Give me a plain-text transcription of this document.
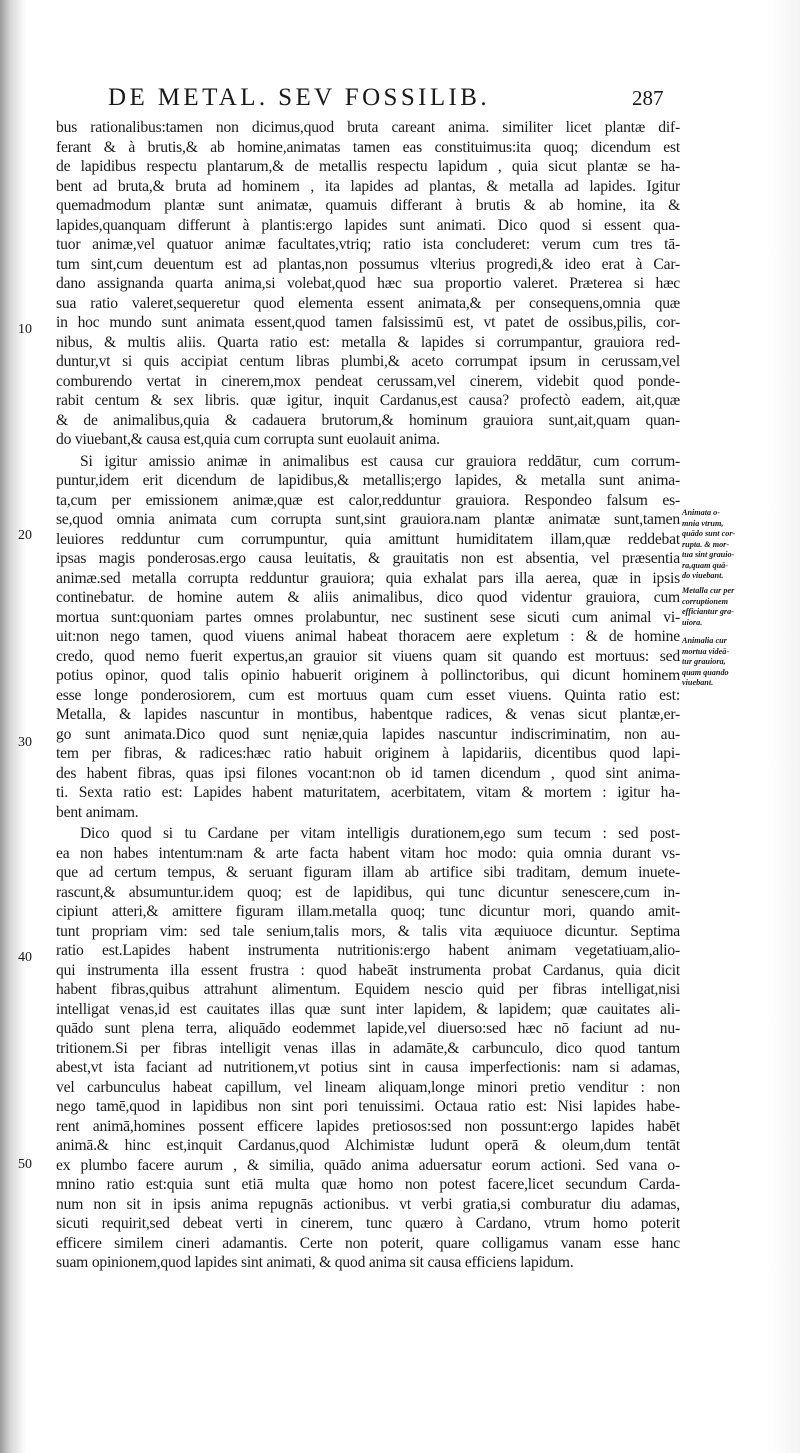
DE METAL. SEV FOSSILIB.	287
10
20
30
40
50
Animata o-
mnia vtrum,
quādo sunt cor-
rupta. & mor-
tua sint grauio-
ra,quam quā-
do viuebant.
Metalla cur per
corruptionem
efficiantur gra-
uiora.
Animalia cur
mortua videā-
tur grauiora,
quam quando
viuebant.
bus rationalibus:tamen non dicimus,quod bruta careant anima. similiter licet plantæ dif-
ferant & à brutis,& ab homine,animatas tamen eas constituimus:ita quoq; dicendum est
de lapidibus respectu plantarum,& de metallis respectu lapidum , quia sicut plantæ se ha-
bent ad bruta,& bruta ad hominem , ita lapides ad plantas, & metalla ad lapides. Igitur
quemadmodum plantæ sunt animatæ, quamuis differant à brutis & ab homine, ita &
lapides,quanquam differunt à plantis:ergo lapides sunt animati. Dico quod si essent qua-
tuor animæ,vel quatuor animæ facultates,vtriq; ratio ista concluderet: verum cum tres tā-
tum sint,cum deuentum est ad plantas,non possumus vlterius progredi,& ideo erat à Car-
dano assignanda quarta anima,si volebat,quod hæc sua proportio valeret. Præterea si hæc
sua ratio valeret,sequeretur quod elementa essent animata,& per consequens,omnia quæ
in hoc mundo sunt animata essent,quod tamen falsissimū est, vt patet de ossibus,pilis, cor-
nibus, & multis aliis. Quarta ratio est: metalla & lapides si corrumpantur, grauiora red-
duntur,vt si quis accipiat centum libras plumbi,& aceto corrumpat ipsum in cerussam,vel
comburendo vertat in cinerem,mox pendeat cerussam,vel cinerem, videbit quod ponde-
rabit centum & sex libris. quæ igitur, inquit Cardanus,est causa? profectò eadem, ait,quæ
& de animalibus,quia & cadauera brutorum,& hominum grauiora sunt,ait,quam quan-
do viuebant,& causa est,quia cum corrupta sunt euolauit anima.
Si igitur amissio animæ in animalibus est causa cur grauiora reddātur, cum corrum-
puntur,idem erit dicendum de lapidibus,& metallis;ergo lapides, & metalla sunt anima-
ta,cum per emissionem animæ,quæ est calor,redduntur grauiora. Respondeo falsum es-
se,quod omnia animata cum corrupta sunt,sint grauiora.nam plantæ animatæ sunt,tamen
leuiores redduntur cum corrumpuntur, quia amittunt humiditatem illam,quæ reddebat
ipsas magis ponderosas.ergo causa leuitatis, & grauitatis non est absentia, vel præsentia
animæ.sed metalla corrupta redduntur grauiora; quia exhalat pars illa aerea, quæ in ipsis
continebatur. de homine autem & aliis animalibus, dico quod videntur grauiora, cum
mortua sunt:quoniam partes omnes prolabuntur, nec sustinent sese sicuti cum animal vi-
uit:non nego tamen, quod viuens animal habeat thoracem aere expletum : & de homine
credo, quod nemo fuerit expertus,an grauior sit viuens quam sit quando est mortuus: sed
potius opinor, quod talis opinio habuerit originem à pollinctoribus, qui dicunt hominem
esse longe ponderosiorem, cum est mortuus quam cum esset viuens. Quinta ratio est:
Metalla, & lapides nascuntur in montibus, habentque radices, & venas sicut plantæ,er-
go sunt animata.Dico quod sunt nęniæ,quia lapides nascuntur indiscriminatim, non au-
tem per fibras, & radices:hæc ratio habuit originem à lapidariis, dicentibus quod lapi-
des habent fibras, quas ipsi filones vocant:non ob id tamen dicendum , quod sint anima-
ti. Sexta ratio est: Lapides habent maturitatem, acerbitatem, vitam & mortem : igitur ha-
bent animam.
Dico quod si tu Cardane per vitam intelligis durationem,ego sum tecum : sed post-
ea non habes intentum:nam & arte facta habent vitam hoc modo: quia omnia durant vs-
que ad certum tempus, & seruant figuram illam ab artifice sibi traditam, demum inuete-
rascunt,& absumuntur.idem quoq; est de lapidibus, qui tunc dicuntur senescere,cum in-
cipiunt atteri,& amittere figuram illam.metalla quoq; tunc dicuntur mori, quando amit-
tunt propriam vim: sed tale senium,talis mors, & talis vita æquiuoce dicuntur. Septima
ratio est.Lapides habent instrumenta nutritionis:ergo habent animam vegetatiuam,alio-
qui instrumenta illa essent frustra : quod habeāt instrumenta probat Cardanus, quia dicit
habent fibras,quibus attrahunt alimentum. Equidem nescio quid per fibras intelligat,nisi
intelligat venas,id est cauitates illas quæ sunt inter lapidem, & lapidem; quæ cauitates ali-
quādo sunt plena terra, aliquādo eodemmet lapide,vel diuerso:sed hæc nō faciunt ad nu-
tritionem.Si per fibras intelligit venas illas in adamāte,& carbunculo, dico quod tantum
abest,vt ista faciant ad nutritionem,vt potius sint in causa imperfectionis: nam si adamas,
vel carbunculus habeat capillum, vel lineam aliquam,longe minori pretio venditur : non
nego tamē,quod in lapidibus non sint pori tenuissimi. Octaua ratio est: Nisi lapides habe-
rent animā,homines possent efficere lapides pretiosos:sed non possunt:ergo lapides habēt
animā.& hinc est,inquit Cardanus,quod Alchimistæ ludunt operā & oleum,dum tentāt
ex plumbo facere aurum , & similia, quādo anima aduersatur eorum actioni. Sed vana o-
mnino ratio est:quia sunt etiā multa quæ homo non potest facere,licet secundum Carda-
num non sit in ipsis anima repugnās actionibus. vt verbi gratia,si comburatur diu adamas,
sicuti requirit,sed debeat verti in cinerem, tunc quæro à Cardano, vtrum homo poterit
efficere similem cineri adamantis. Certe non poterit, quare colligamus vanam esse hanc
suam opinionem,quod lapides sint animati, & quod anima sit causa efficiens lapidum.
